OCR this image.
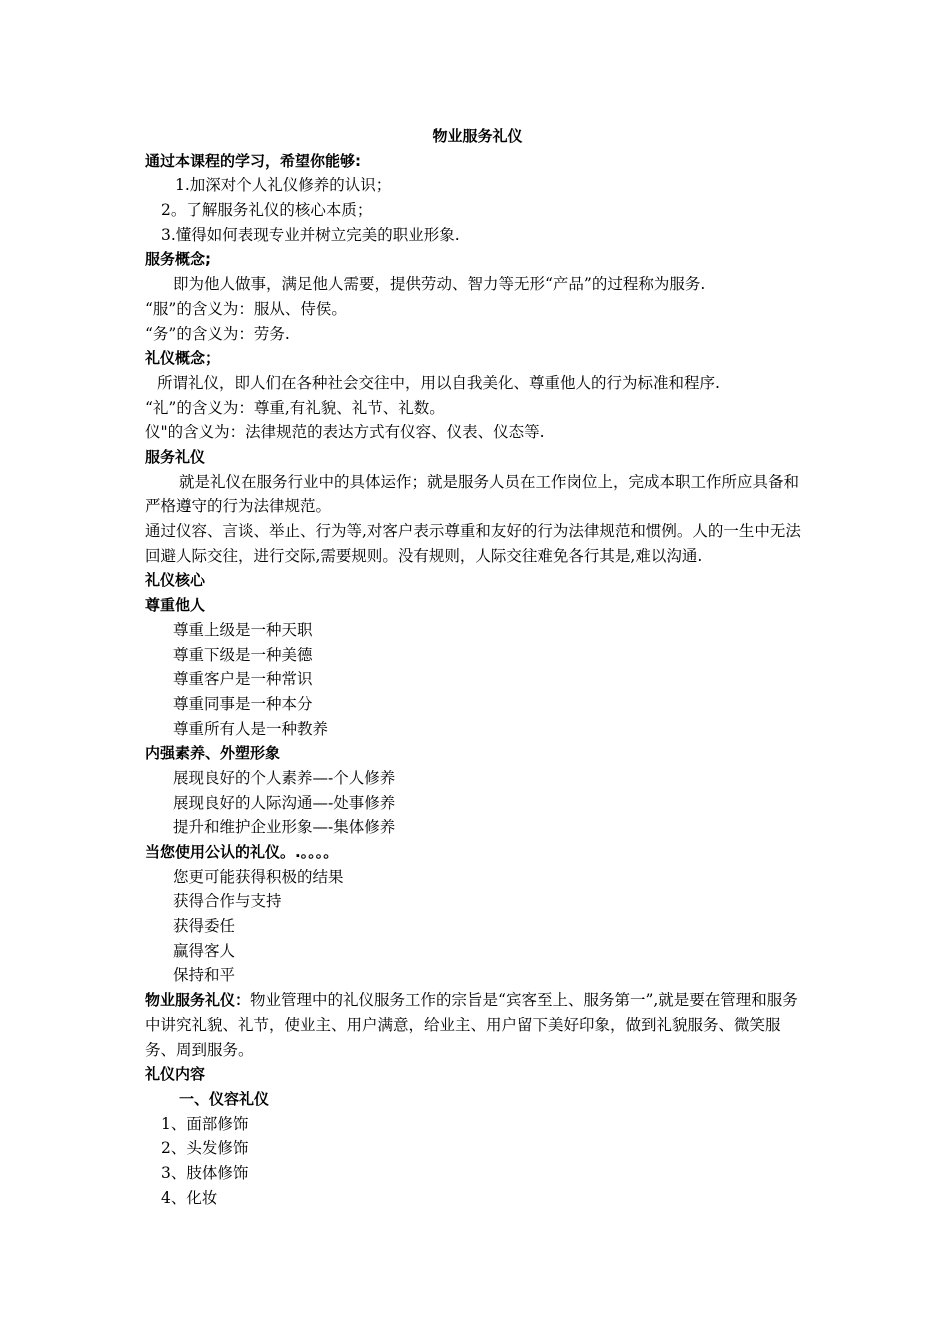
物业服务礼仪
通过本课程的学习，希望你能够:
1.加深对个人礼仪修养的认识；
2。了解服务礼仪的核心本质；
3.懂得如何表现专业并树立完美的职业形象.
服务概念;
即为他人做事，满足他人需要，提供劳动、智力等无形“产品”的过程称为服务.
“服”的含义为：服从、侍侯。
“务”的含义为：劳务.
礼仪概念；
所谓礼仪，即人们在各种社会交往中，用以自我美化、尊重他人的行为标准和程序.
“礼”的含义为：尊重,有礼貌、礼节、礼数。
仪"的含义为：法律规范的表达方式有仪容、仪表、仪态等.
服务礼仪
就是礼仪在服务行业中的具体运作；就是服务人员在工作岗位上，完成本职工作所应具备和严格遵守的行为法律规范。
通过仪容、言谈、举止、行为等,对客户表示尊重和友好的行为法律规范和惯例。人的一生中无法回避人际交往，进行交际,需要规则。没有规则，人际交往难免各行其是,难以沟通.
礼仪核心
尊重他人
尊重上级是一种天职
尊重下级是一种美德
尊重客户是一种常识
尊重同事是一种本分
尊重所有人是一种教养
内强素养、外塑形象
展现良好的个人素养—-个人修养
展现良好的人际沟通—-处事修养
提升和维护企业形象—-集体修养
当您使用公认的礼仪。.。。。。
您更可能获得积极的结果
获得合作与支持
获得委任
赢得客人
保持和平
物业服务礼仪：物业管理中的礼仪服务工作的宗旨是“宾客至上、服务第一”,就是要在管理和服务中讲究礼貌、礼节，使业主、用户满意，给业主、用户留下美好印象，做到礼貌服务、微笑服务、周到服务。
礼仪内容
一、仪容礼仪
1、面部修饰
2、头发修饰
3、肢体修饰
4、化妆
